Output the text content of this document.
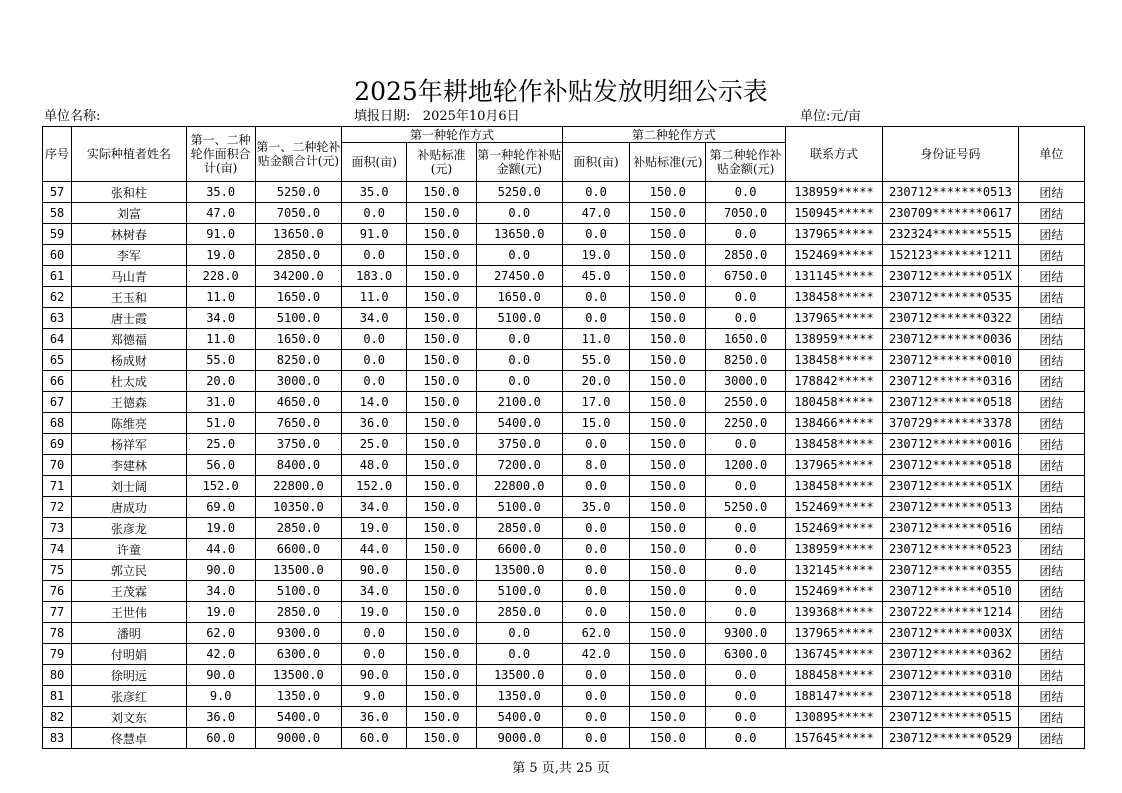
2025年耕地轮作补贴发放明细公示表
单位名称:	填报日期: 2025年10月6日	单位:元/亩
序号	实际种植者姓名	第一、二种轮作面积合计(亩)	第一、二种轮补贴金额合计(元)	第一种轮作方式			第二种轮作方式			联系方式	身份证号码	单位
				面积(亩)	补贴标准(元)	第一种轮作补贴金额(元)	面积(亩)	补贴标准(元)	第二种轮作补贴金额(元)			
57	张和柱	35.0	5250.0	35.0	150.0	5250.0	0.0	150.0	0.0	138959*****	230712*******0513	团结
58	刘富	47.0	7050.0	0.0	150.0	0.0	47.0	150.0	7050.0	150945*****	230709*******0617	团结
59	林树春	91.0	13650.0	91.0	150.0	13650.0	0.0	150.0	0.0	137965*****	232324*******5515	团结
60	李军	19.0	2850.0	0.0	150.0	0.0	19.0	150.0	2850.0	152469*****	152123*******1211	团结
61	马山青	228.0	34200.0	183.0	150.0	27450.0	45.0	150.0	6750.0	131145*****	230712*******051X	团结
62	王玉和	11.0	1650.0	11.0	150.0	1650.0	0.0	150.0	0.0	138458*****	230712*******0535	团结
63	唐士霞	34.0	5100.0	34.0	150.0	5100.0	0.0	150.0	0.0	137965*****	230712*******0322	团结
64	郑德福	11.0	1650.0	0.0	150.0	0.0	11.0	150.0	1650.0	138959*****	230712*******0036	团结
65	杨成财	55.0	8250.0	0.0	150.0	0.0	55.0	150.0	8250.0	138458*****	230712*******0010	团结
66	杜太成	20.0	3000.0	0.0	150.0	0.0	20.0	150.0	3000.0	178842*****	230712*******0316	团结
67	王德森	31.0	4650.0	14.0	150.0	2100.0	17.0	150.0	2550.0	180458*****	230712*******0518	团结
68	陈维亮	51.0	7650.0	36.0	150.0	5400.0	15.0	150.0	2250.0	138466*****	370729*******3378	团结
69	杨祥军	25.0	3750.0	25.0	150.0	3750.0	0.0	150.0	0.0	138458*****	230712*******0016	团结
70	李建林	56.0	8400.0	48.0	150.0	7200.0	8.0	150.0	1200.0	137965*****	230712*******0518	团结
71	刘士阔	152.0	22800.0	152.0	150.0	22800.0	0.0	150.0	0.0	138458*****	230712*******051X	团结
72	唐成功	69.0	10350.0	34.0	150.0	5100.0	35.0	150.0	5250.0	152469*****	230712*******0513	团结
73	张彦龙	19.0	2850.0	19.0	150.0	2850.0	0.0	150.0	0.0	152469*****	230712*******0516	团结
74	许童	44.0	6600.0	44.0	150.0	6600.0	0.0	150.0	0.0	138959*****	230712*******0523	团结
75	郭立民	90.0	13500.0	90.0	150.0	13500.0	0.0	150.0	0.0	132145*****	230712*******0355	团结
76	王茂霖	34.0	5100.0	34.0	150.0	5100.0	0.0	150.0	0.0	152469*****	230712*******0510	团结
77	王世伟	19.0	2850.0	19.0	150.0	2850.0	0.0	150.0	0.0	139368*****	230722*******1214	团结
78	潘明	62.0	9300.0	0.0	150.0	0.0	62.0	150.0	9300.0	137965*****	230712*******003X	团结
79	付明娟	42.0	6300.0	0.0	150.0	0.0	42.0	150.0	6300.0	136745*****	230712*******0362	团结
80	徐明远	90.0	13500.0	90.0	150.0	13500.0	0.0	150.0	0.0	188458*****	230712*******0310	团结
81	张彦红	9.0	1350.0	9.0	150.0	1350.0	0.0	150.0	0.0	188147*****	230712*******0518	团结
82	刘文东	36.0	5400.0	36.0	150.0	5400.0	0.0	150.0	0.0	130895*****	230712*******0515	团结
83	佟慧卓	60.0	9000.0	60.0	150.0	9000.0	0.0	150.0	0.0	157645*****	230712*******0529	团结
第 5 页,共 25 页
